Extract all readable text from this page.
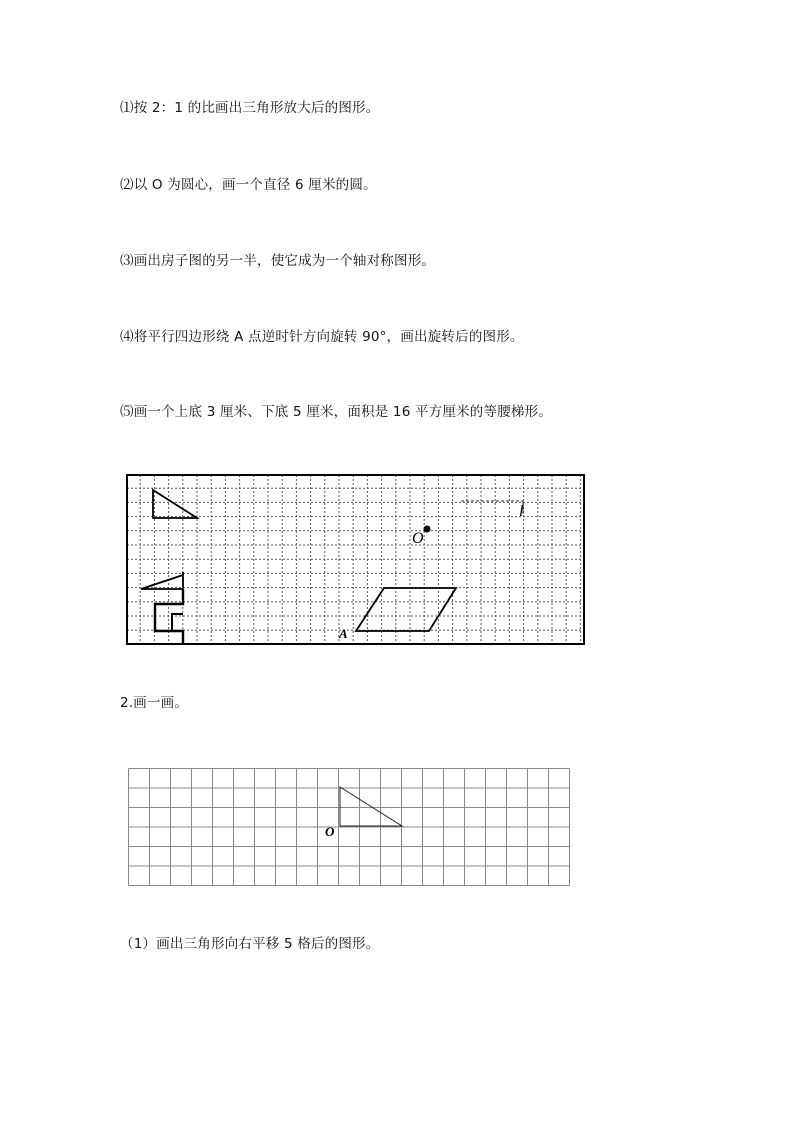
⑴按 2：1 的比画出三角形放大后的图形。
⑵以 O 为圆心，画一个直径 6 厘米的圆。
⑶画出房子图的另一半，使它成为一个轴对称图形。
⑷将平行四边形绕 A 点逆时针方向旋转 90°，画出旋转后的图形。
⑸画一个上底 3 厘米、下底 5 厘米，面积是 16 平方厘米的等腰梯形。
l
O
A
2.画一画。
O
（1）画出三角形向右平移 5 格后的图形。
